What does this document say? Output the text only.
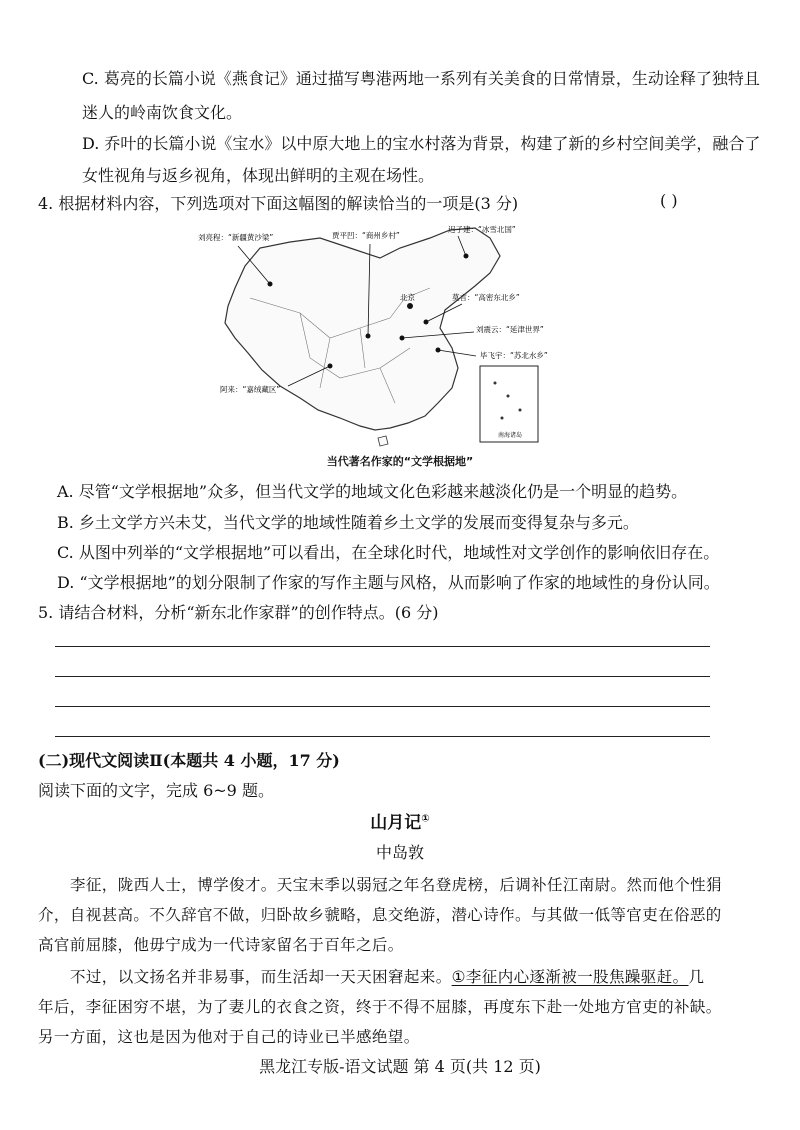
C. 葛亮的长篇小说《燕食记》通过描写粤港两地一系列有关美食的日常情景，生动诠释了独特且
迷人的岭南饮食文化。
D. 乔叶的长篇小说《宝水》以中原大地上的宝水村落为背景，构建了新的乡村空间美学，融合了
女性视角与返乡视角，体现出鲜明的主观在场性。
4. 根据材料内容，下列选项对下面这幅图的解读恰当的一项是(3 分)	( )
南海诸岛
刘亮程：“新疆黄沙梁”	贾平凹：“商州乡村”
迟子建：“冰雪北国”
北京	莫言：“高密东北乡”
刘震云：“延津世界”
毕飞宇：“苏北水乡”
阿来：“嘉绒藏区”
当代著名作家的“文学根据地”
A. 尽管“文学根据地”众多，但当代文学的地域文化色彩越来越淡化仍是一个明显的趋势。
B. 乡土文学方兴未艾，当代文学的地域性随着乡土文学的发展而变得复杂与多元。
C. 从图中列举的“文学根据地”可以看出，在全球化时代，地域性对文学创作的影响依旧存在。
D. “文学根据地”的划分限制了作家的写作主题与风格，从而影响了作家的地域性的身份认同。
5. 请结合材料，分析“新东北作家群”的创作特点。(6 分)
(二)现代文阅读Ⅱ(本题共 4 小题，17 分)
阅读下面的文字，完成 6~9 题。
山月记①
中岛敦
李征，陇西人士，博学俊才。天宝末季以弱冠之年名登虎榜，后调补任江南尉。然而他个性狷
介，自视甚高。不久辞官不做，归卧故乡虢略，息交绝游，潜心诗作。与其做一低等官吏在俗恶的
高官前屈膝，他毋宁成为一代诗家留名于百年之后。
不过，以文扬名并非易事，而生活却一天天困窘起来。①李征内心逐渐被一股焦躁驱赶。几
年后，李征困穷不堪，为了妻儿的衣食之资，终于不得不屈膝，再度东下赴一处地方官吏的补缺。
另一方面，这也是因为他对于自己的诗业已半感绝望。
黑龙江专版-语文试题 第 4 页(共 12 页)
